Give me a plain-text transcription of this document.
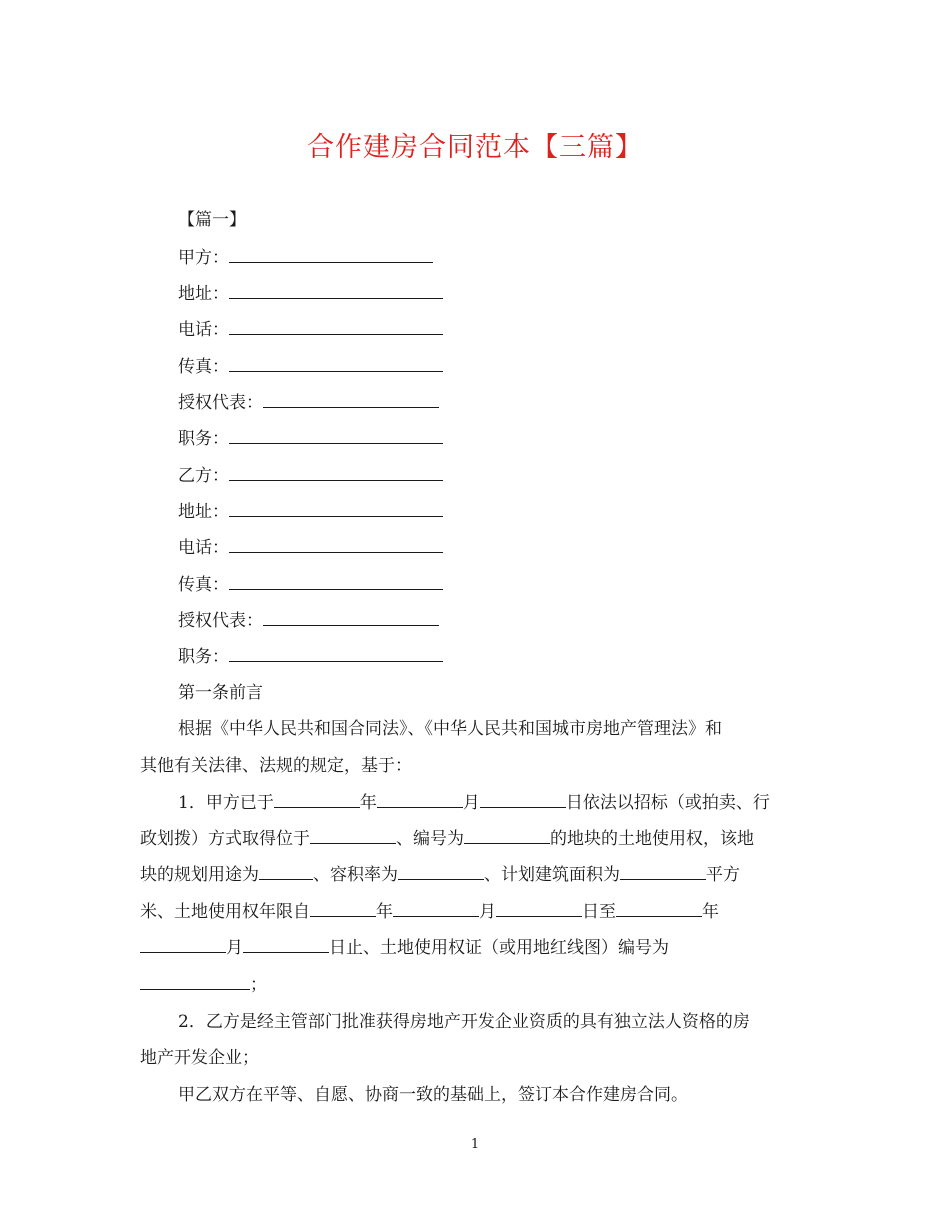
合作建房合同范本【三篇】
【篇一】
甲方：
地址：
电话：
传真：
授权代表：
职务：
乙方：
地址：
电话：
传真：
授权代表：
职务：
第一条前言
根据《中华人民共和国合同法》、《中华人民共和国城市房地产管理法》和
其他有关法律、法规的规定，基于：
1．甲方已于	年	月	日依法以招标（或拍卖、行
政划拨）方式取得位于	、编号为	的地块的土地使用权，该地
块的规划用途为	、容积率为	、计划建筑面积为	平方
米、土地使用权年限自	年	月	日至	年
月	日止、土地使用权证（或用地红线图）编号为
；
2．乙方是经主管部门批准获得房地产开发企业资质的具有独立法人资格的房
地产开发企业；
甲乙双方在平等、自愿、协商一致的基础上，签订本合作建房合同。
1
